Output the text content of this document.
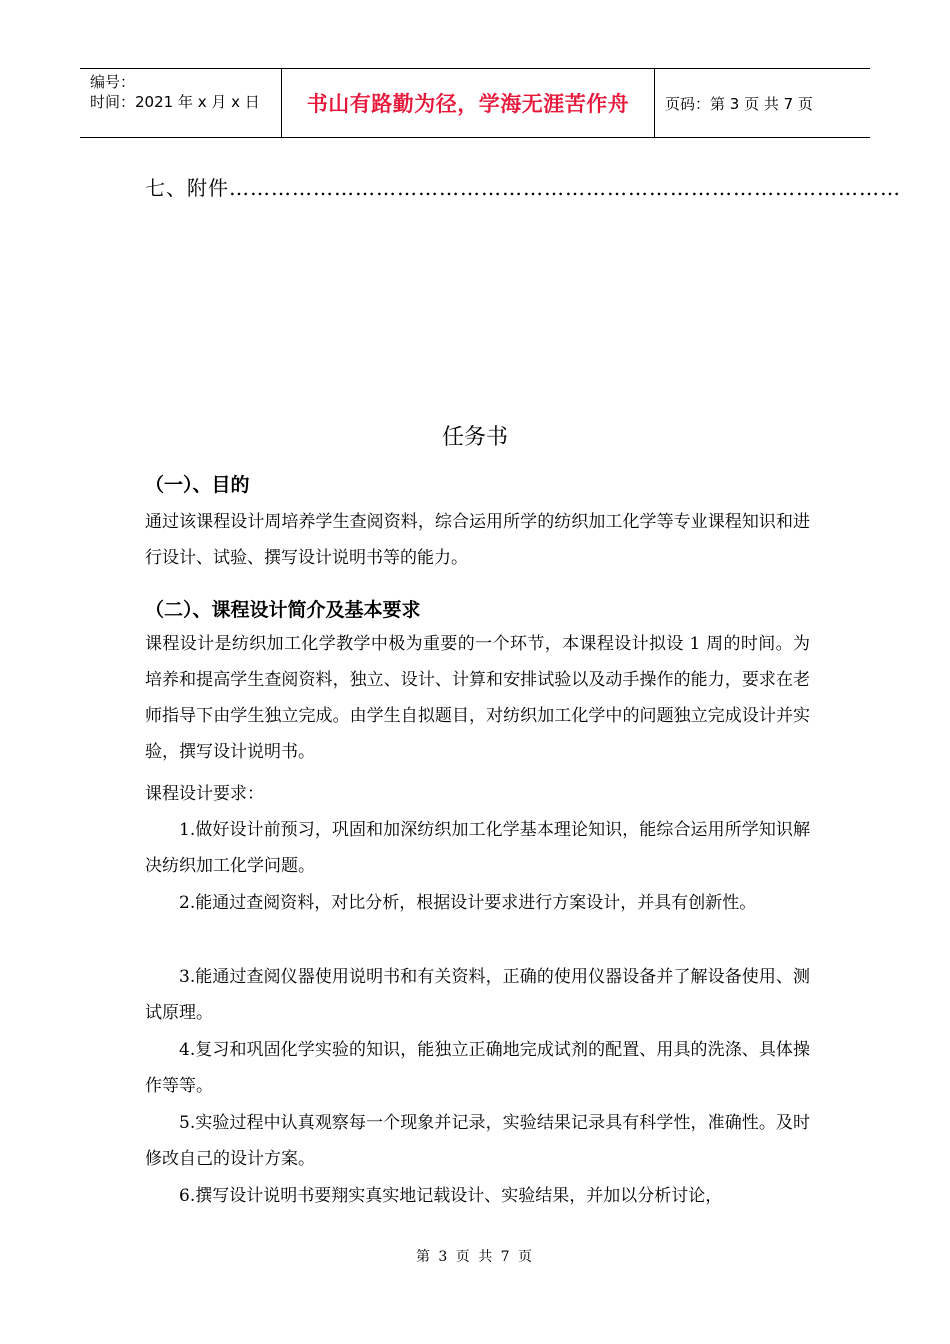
编号：
时间：2021 年 x 月 x 日	书山有路勤为径，学海无涯苦作舟	页码：第 3 页 共 7 页
七、附件……………………………………………………………………………………
任务书
（一）、目的
通过该课程设计周培养学生查阅资料，综合运用所学的纺织加工化学等专业课程知识和进行设计、试验、撰写设计说明书等的能力。
（二）、课程设计简介及基本要求
课程设计是纺织加工化学教学中极为重要的一个环节，本课程设计拟设 1 周的时间。为培养和提高学生查阅资料，独立、设计、计算和安排试验以及动手操作的能力，要求在老师指导下由学生独立完成。由学生自拟题目，对纺织加工化学中的问题独立完成设计并实验，撰写设计说明书。
课程设计要求：
1.做好设计前预习，巩固和加深纺织加工化学基本理论知识，能综合运用所学知识解决纺织加工化学问题。
2.能通过查阅资料，对比分析，根据设计要求进行方案设计，并具有创新性。
3.能通过查阅仪器使用说明书和有关资料，正确的使用仪器设备并了解设备使用、测试原理。
4.复习和巩固化学实验的知识，能独立正确地完成试剂的配置、用具的洗涤、具体操作等等。
5.实验过程中认真观察每一个现象并记录，实验结果记录具有科学性，准确性。及时修改自己的设计方案。
6.撰写设计说明书要翔实真实地记载设计、实验结果，并加以分析讨论，
第 3 页 共 7 页
